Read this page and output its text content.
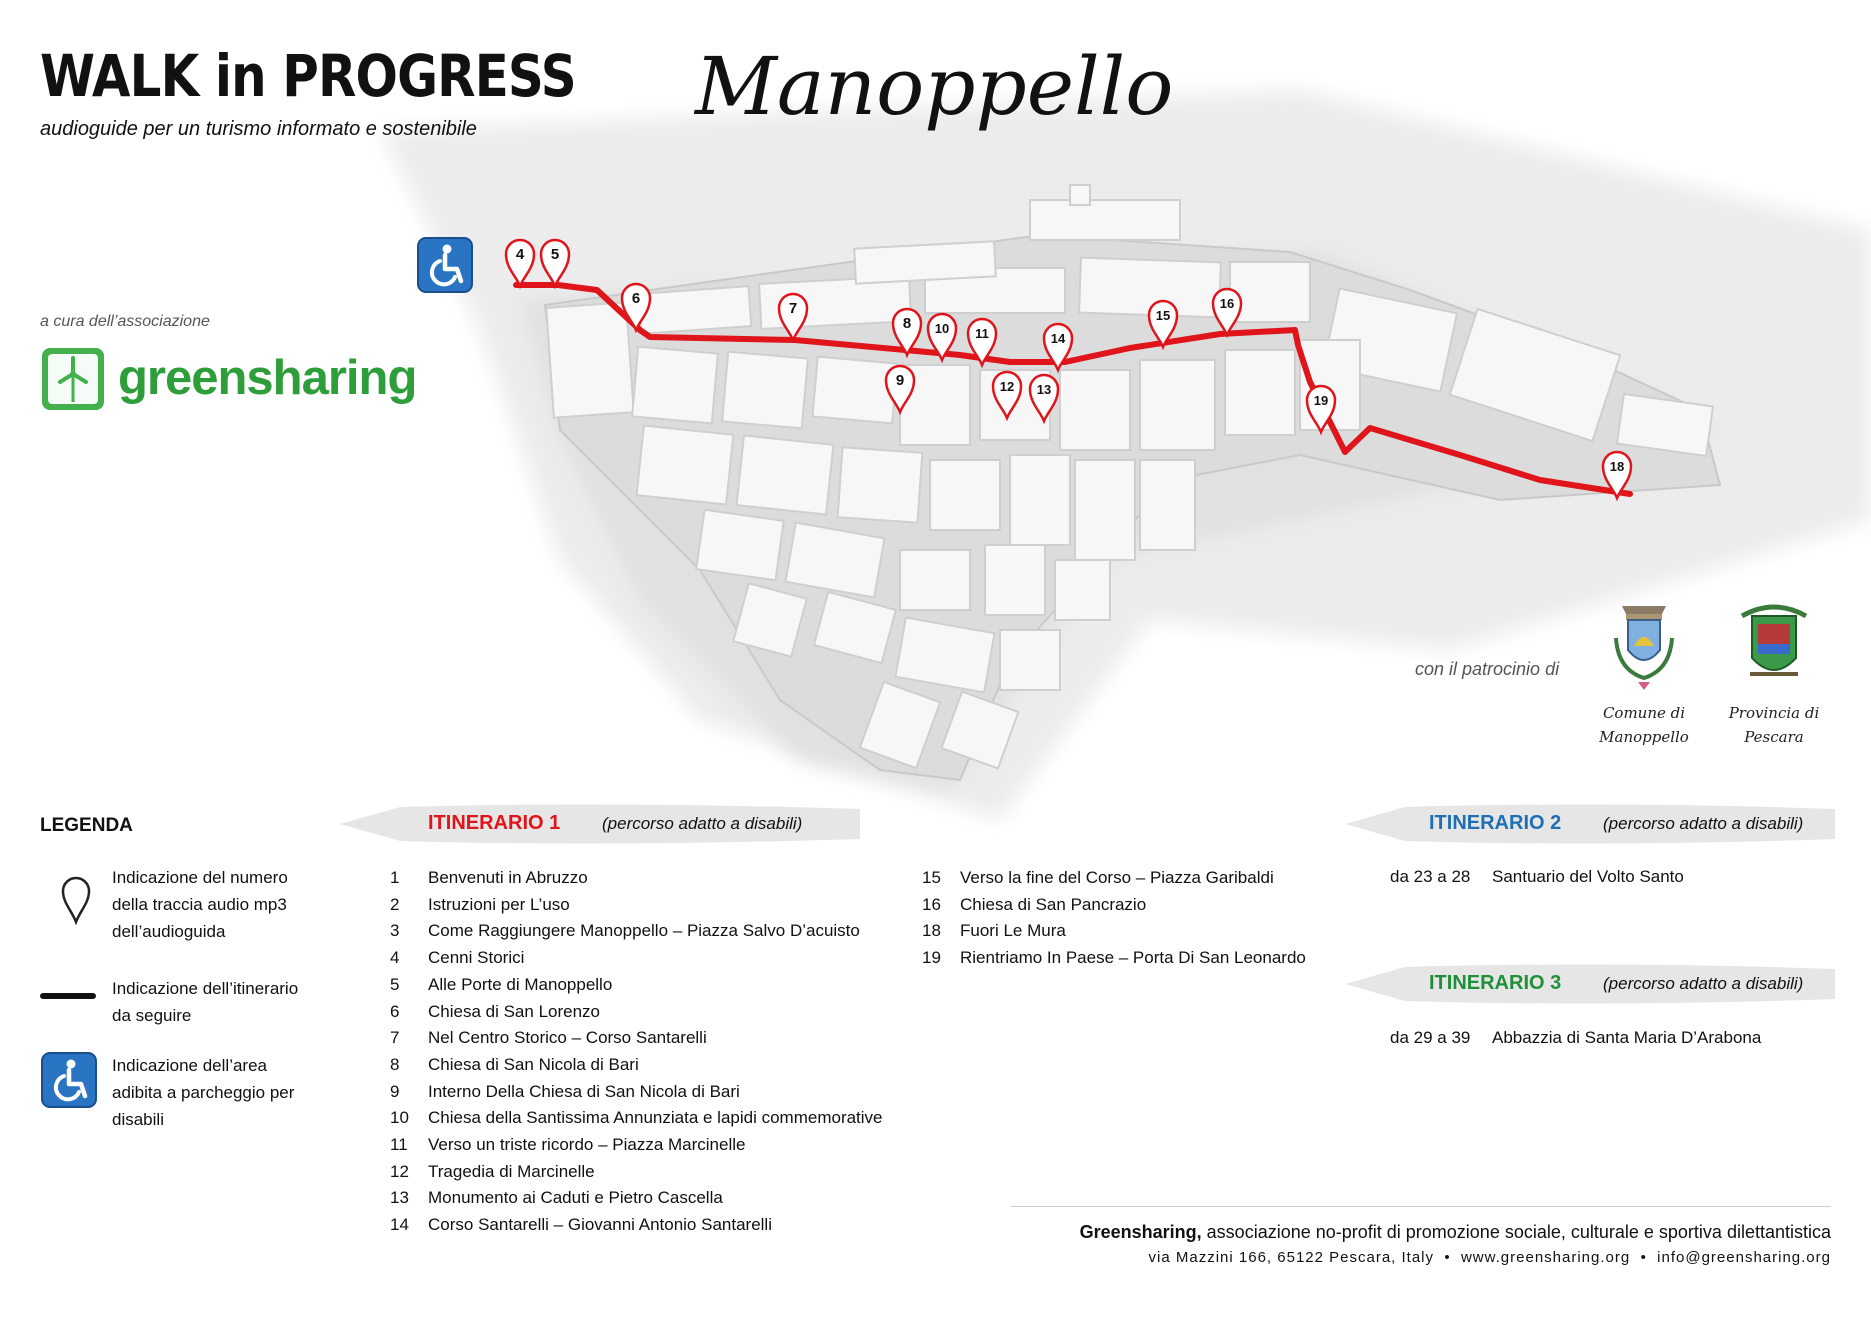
4 5
6
7
8
9
10 11
12 13
14
15
16
18
19
WALK in PROGRESS
audioguide per un turismo informato e sostenibile	Manoppello
a cura dell’associazione
greensharing
con il patrocinio di
Comune di
Manoppello
Provincia di
Pescara
LEGENDA
Indicazione del numero
della traccia audio mp3
dell’audioguida
Indicazione dell’itinerario
da seguire
Indicazione dell’area
adibita a parcheggio per
disabili
ITINERARIO 1 (percorso adatto a disabili)
1	Benvenuti in Abruzzo
2	Istruzioni per L’uso
3	Come Raggiungere Manoppello – Piazza Salvo D’acuisto
4	Cenni Storici
5	Alle Porte di Manoppello
6	Chiesa di San Lorenzo
7	Nel Centro Storico – Corso Santarelli
8	Chiesa di San Nicola di Bari
9	Interno Della Chiesa di San Nicola di Bari
10	Chiesa della Santissima Annunziata e lapidi commemorative
11	Verso un triste ricordo – Piazza Marcinelle
12	Tragedia di Marcinelle
13	Monumento ai Caduti e Pietro Cascella
14	Corso Santarelli – Giovanni Antonio Santarelli
15	Verso la fine del Corso – Piazza Garibaldi
16	Chiesa di San Pancrazio
18	Fuori Le Mura
19	Rientriamo In Paese – Porta Di San Leonardo
ITINERARIO 2 (percorso adatto a disabili)
da 23 a 28 Santuario del Volto Santo
ITINERARIO 3 (percorso adatto a disabili)
da 29 a 39 Abbazzia di Santa Maria D’Arabona
Greensharing, associazione no-profit di promozione sociale, culturale e sportiva dilettantistica
via Mazzini 166, 65122 Pescara, Italy • www.greensharing.org • info@greensharing.org
